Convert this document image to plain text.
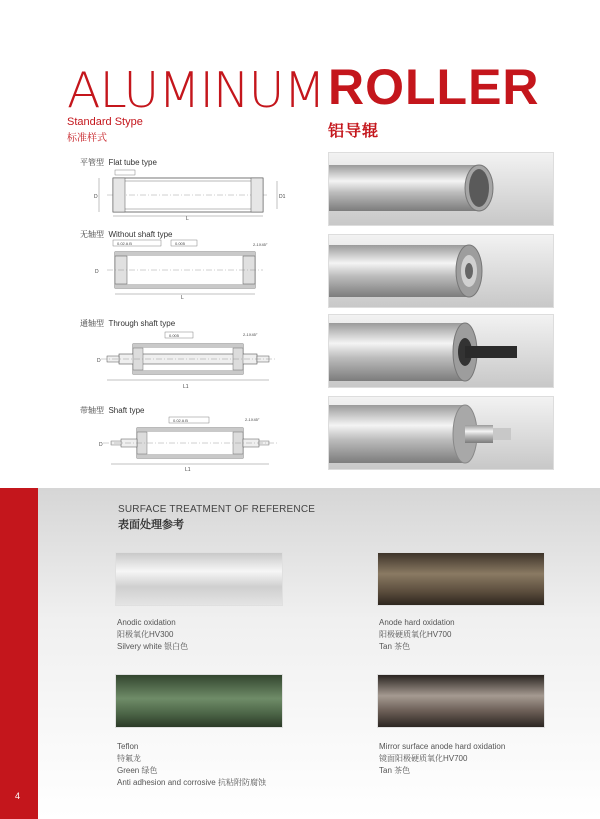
ALUMINUM ROLLER
Standard Stype
标准样式	铝导辊
平管型 Flat tube type
无轴型 Without shaft type
通轴型 Through shaft type
带轴型 Shaft type
D	D1
L
0.02 A B	0.005	2-1X45°
D
L
0.005	2-1X45°
L1
D
0.02 A B	2-1X45°
L1
D
4
SURFACE TREATMENT OF REFERENCE
表面处理参考
Anodic oxidation
阳极氧化HV300
Silvery white 银白色
Anode hard oxidation
阳极硬质氧化HV700
Tan 茶色
Teflon
特氟龙
Green 绿色
Anti adhesion and corrosive 抗粘附防腐蚀
Mirror surface anode hard oxidation
镜面阳极硬质氧化HV700
Tan 茶色
